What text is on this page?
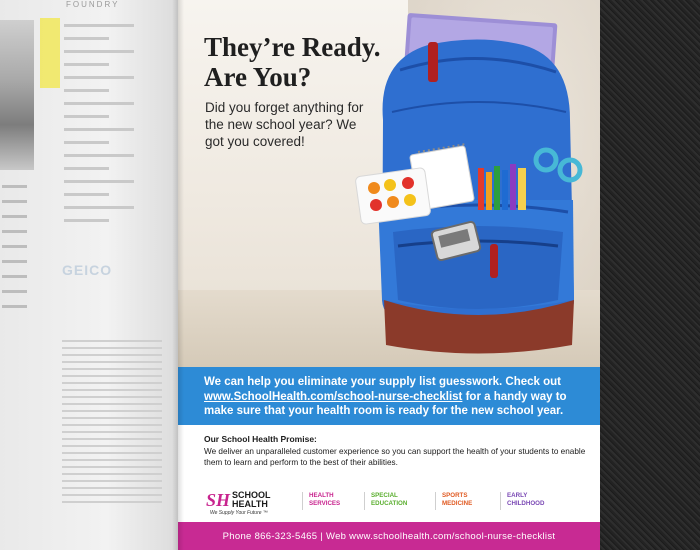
FOUNDRY
GEICO
They’re Ready.
Are You?
Did you forget anything for the new school year? We got you covered!
We can help you eliminate your supply list guesswork. Check out www.SchoolHealth.com/school-nurse-checklist for a handy way to make sure that your health room is ready for the new school year.
Our School Health Promise:
We deliver an unparalleled customer experience so you can support the health of your students to enable them to learn and perform to the best of their abilities.
SH SCHOOL
HEALTH
We Supply Your Future ™
HEALTH
SERVICES
SPECIAL
EDUCATION
SPORTS
MEDICINE
EARLY
CHILDHOOD
Phone 866-323-5465 | Web www.schoolhealth.com/school-nurse-checklist
